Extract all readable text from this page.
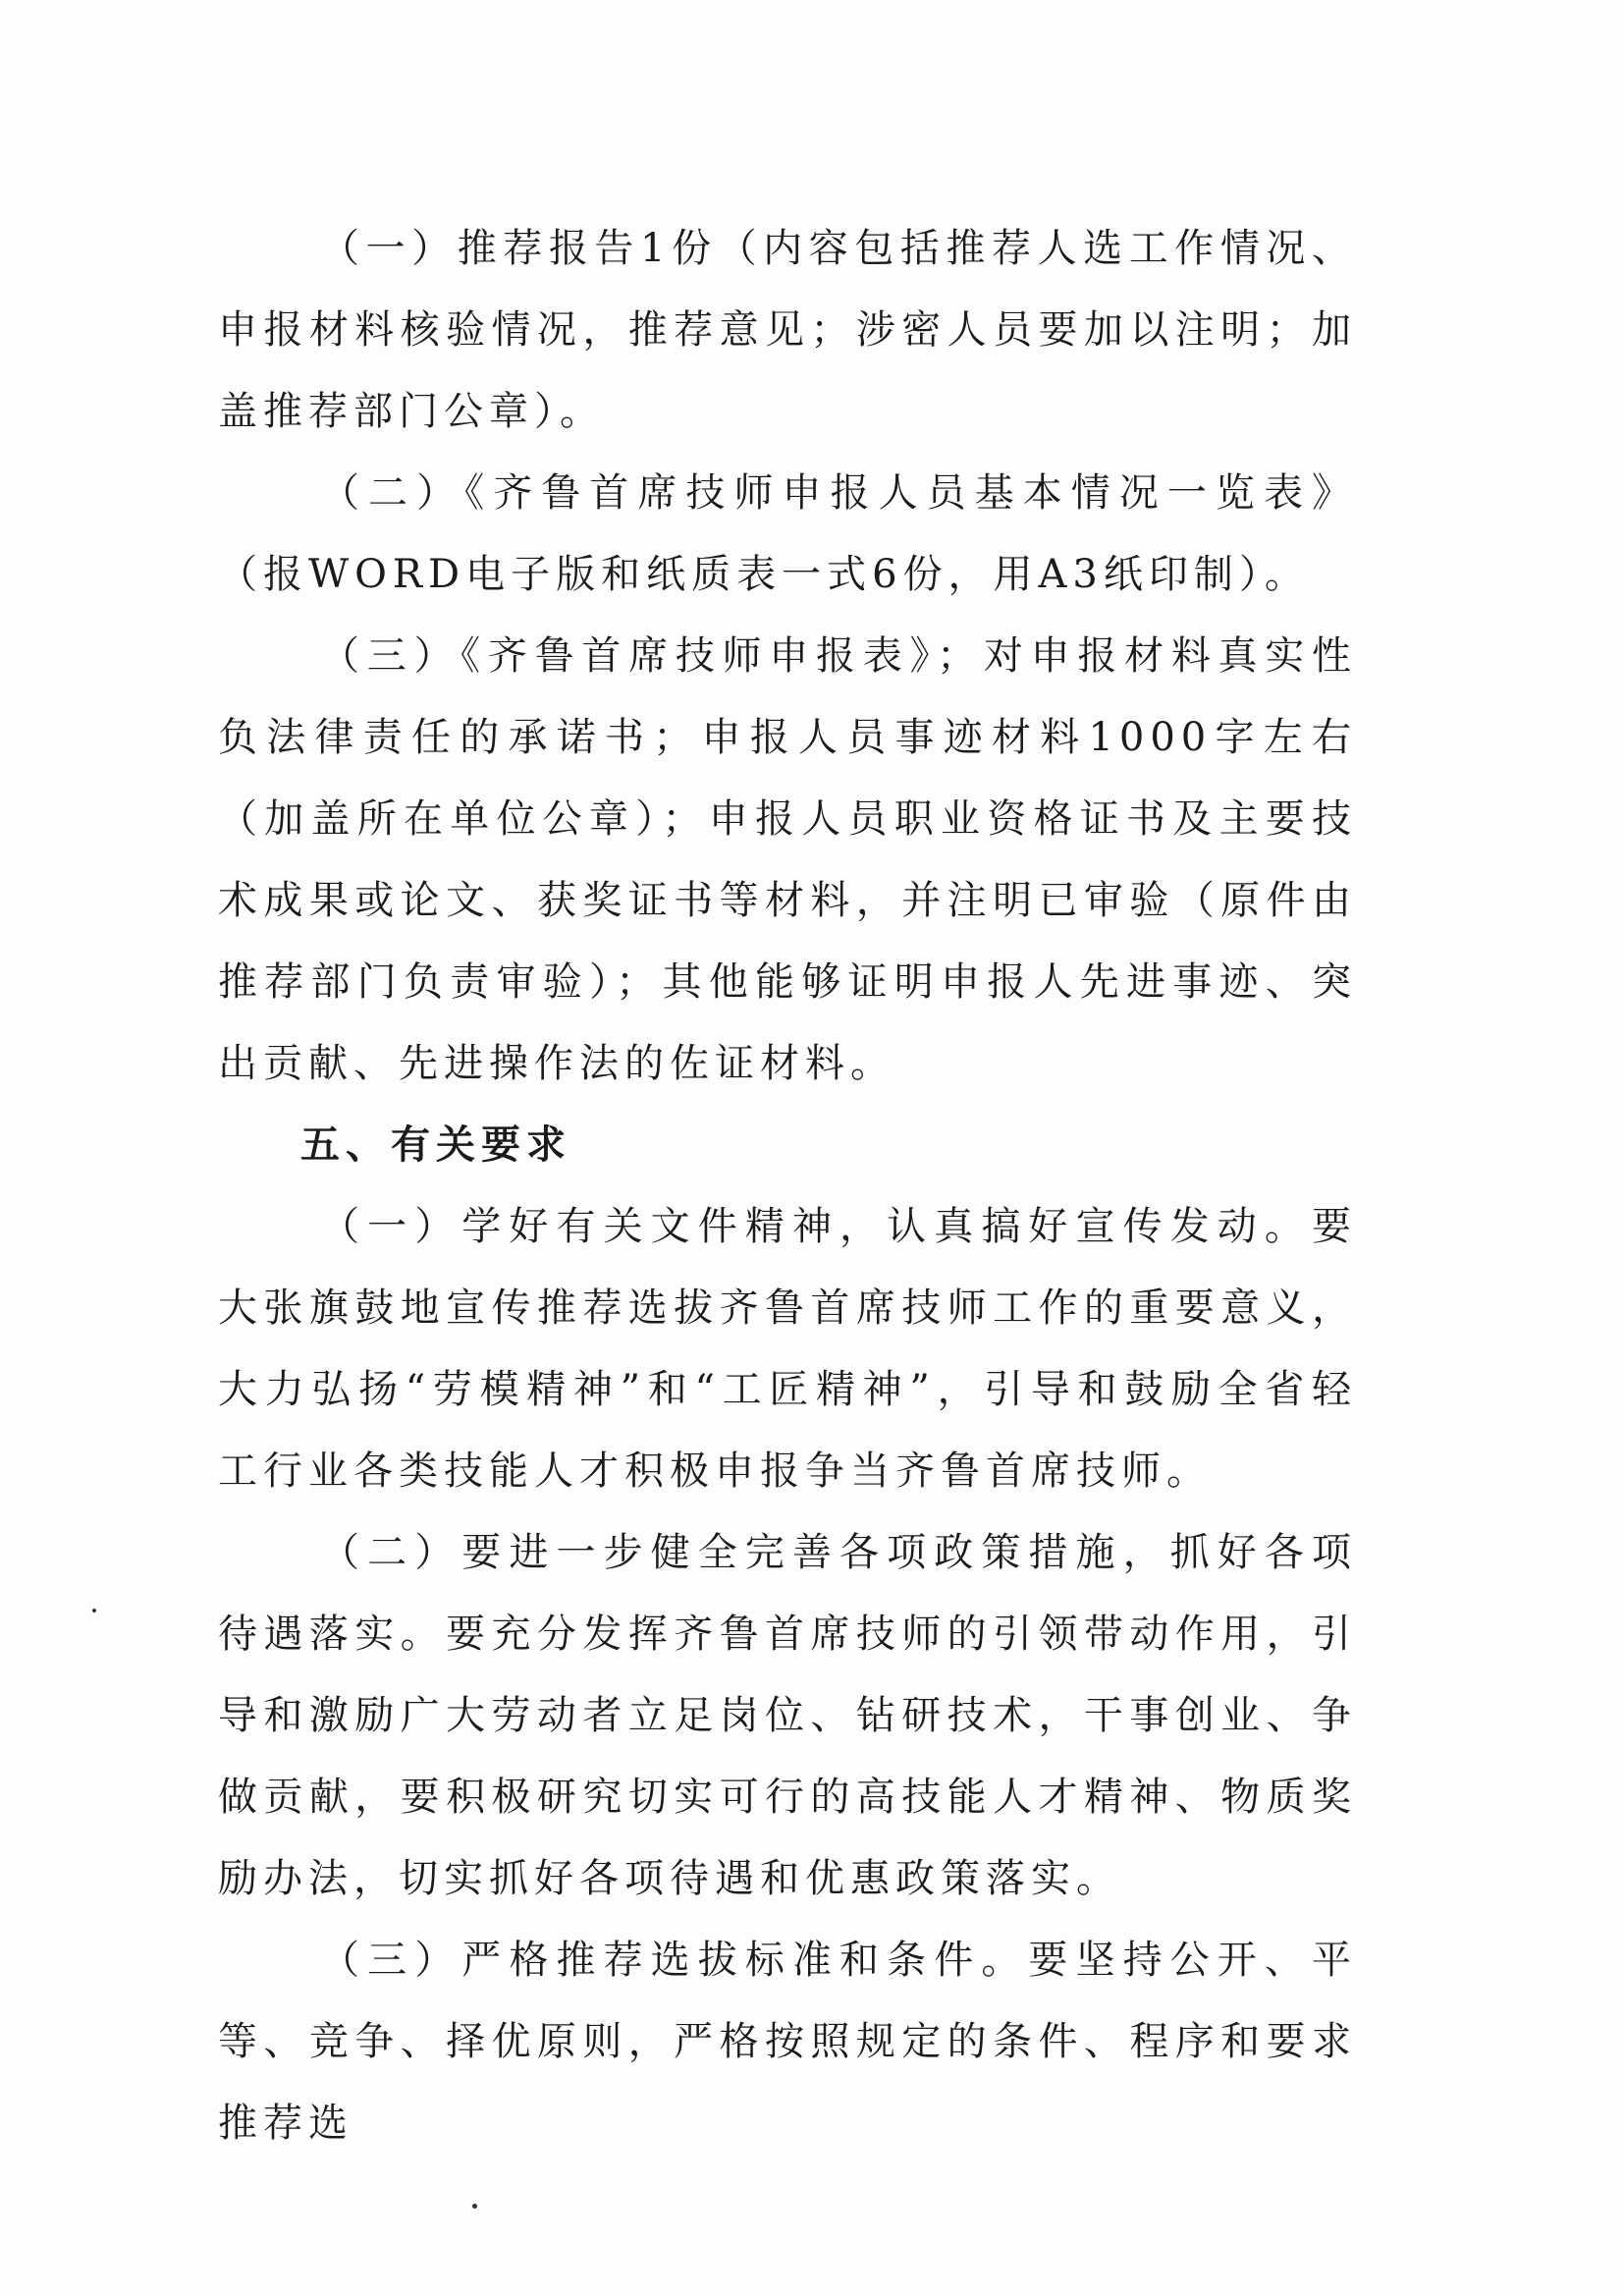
（一）推荐报告1份（内容包括推荐人选工作情况、申报材料核验情况，推荐意见；涉密人员要加以注明；加盖推荐部门公章）。

（二）《齐鲁首席技师申报人员基本情况一览表》（报WORD电子版和纸质表一式6份，用A3纸印制）。

（三）《齐鲁首席技师申报表》；对申报材料真实性负法律责任的承诺书；申报人员事迹材料1000字左右（加盖所在单位公章）；申报人员职业资格证书及主要技术成果或论文、获奖证书等材料，并注明已审验（原件由推荐部门负责审验）；其他能够证明申报人先进事迹、突出贡献、先进操作法的佐证材料。

五、有关要求

（一）学好有关文件精神，认真搞好宣传发动。要大张旗鼓地宣传推荐选拔齐鲁首席技师工作的重要意义，大力弘扬“劳模精神”和“工匠精神”，引导和鼓励全省轻工行业各类技能人才积极申报争当齐鲁首席技师。

（二）要进一步健全完善各项政策措施，抓好各项待遇落实。要充分发挥齐鲁首席技师的引领带动作用，引导和激励广大劳动者立足岗位、钻研技术，干事创业、争做贡献，要积极研究切实可行的高技能人才精神、物质奖励办法，切实抓好各项待遇和优惠政策落实。

（三）严格推荐选拔标准和条件。要坚持公开、平等、竞争、择优原则，严格按照规定的条件、程序和要求推荐选
